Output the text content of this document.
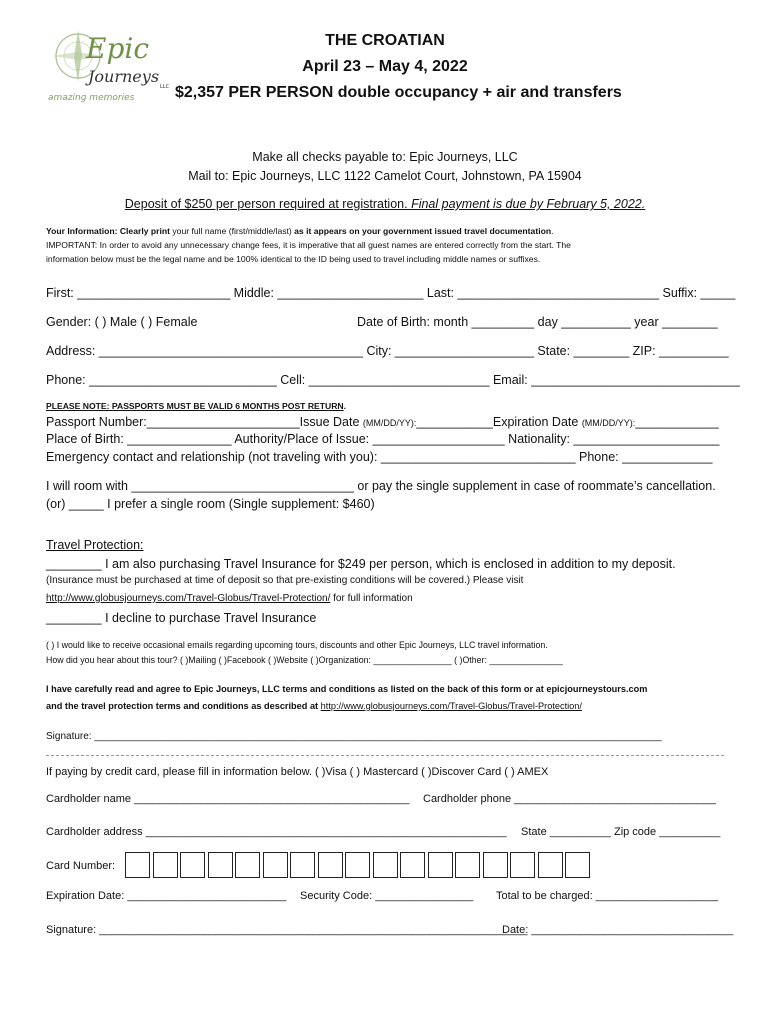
Epic
Journeys
LLC
amazing memories
THE CROATIAN
April 23 – May 4, 2022
$2,357 PER PERSON double occupancy + air and transfers
Make all checks payable to: Epic Journeys, LLC
Mail to: Epic Journeys, LLC 1122 Camelot Court, Johnstown, PA 15904
Deposit of $250 per person required at registration. Final payment is due by February 5, 2022.
Your Information: Clearly print your full name (first/middle/last) as it appears on your government issued travel documentation.
IMPORTANT: In order to avoid any unnecessary change fees, it is imperative that all guest names are entered correctly from the start. The
information below must be the legal name and be 100% identical to the ID being used to travel including middle names or suffixes.
First: ______________________ Middle: _____________________ Last: _____________________________ Suffix: _____
Gender: ( ) Male ( ) Female	Date of Birth: month _________ day __________ year ________
Address: ______________________________________ City: ____________________ State: ________ ZIP: __________
Phone: ___________________________ Cell: __________________________ Email: ______________________________
PLEASE NOTE: PASSPORTS MUST BE VALID 6 MONTHS POST RETURN.
Passport Number:______________________Issue Date (MM/DD/YY):___________Expiration Date (MM/DD/YY):____________
Place of Birth: _______________ Authority/Place of Issue: ___________________ Nationality: _____________________
Emergency contact and relationship (not traveling with you): ____________________________ Phone: _____________
I will room with ________________________________ or pay the single supplement in case of roommate’s cancellation.
(or) _____ I prefer a single room (Single supplement: $460)
Travel Protection:
________ I am also purchasing Travel Insurance for $249 per person, which is enclosed in addition to my deposit.
(Insurance must be purchased at time of deposit so that pre-existing conditions will be covered.) Please visit
http://www.globusjourneys.com/Travel-Globus/Travel-Protection/ for full information
________ I decline to purchase Travel Insurance
( ) I would like to receive occasional emails regarding upcoming tours, discounts and other Epic Journeys, LLC travel information.
How did you hear about this tour? ( )Mailing ( )Facebook ( )Website ( )Organization: ________________ ( )Other: _______________
I have carefully read and agree to Epic Journeys, LLC terms and conditions as listed on the back of this form or at epicjourneystours.com
and the travel protection terms and conditions as described at http://www.globusjourneys.com/Travel-Globus/Travel-Protection/
Signature: ______________________________________________________________________________________________________
If paying by credit card, please fill in information below. ( )Visa ( ) Mastercard ( )Discover Card ( ) AMEX
Cardholder name _____________________________________________ Cardholder phone _________________________________
Cardholder address ___________________________________________________________ State __________ Zip code __________
Card Number:
Expiration Date: __________________________ Security Code: ________________ Total to be charged: ____________________
Signature: ______________________________________________________________________
Date: _________________________________
